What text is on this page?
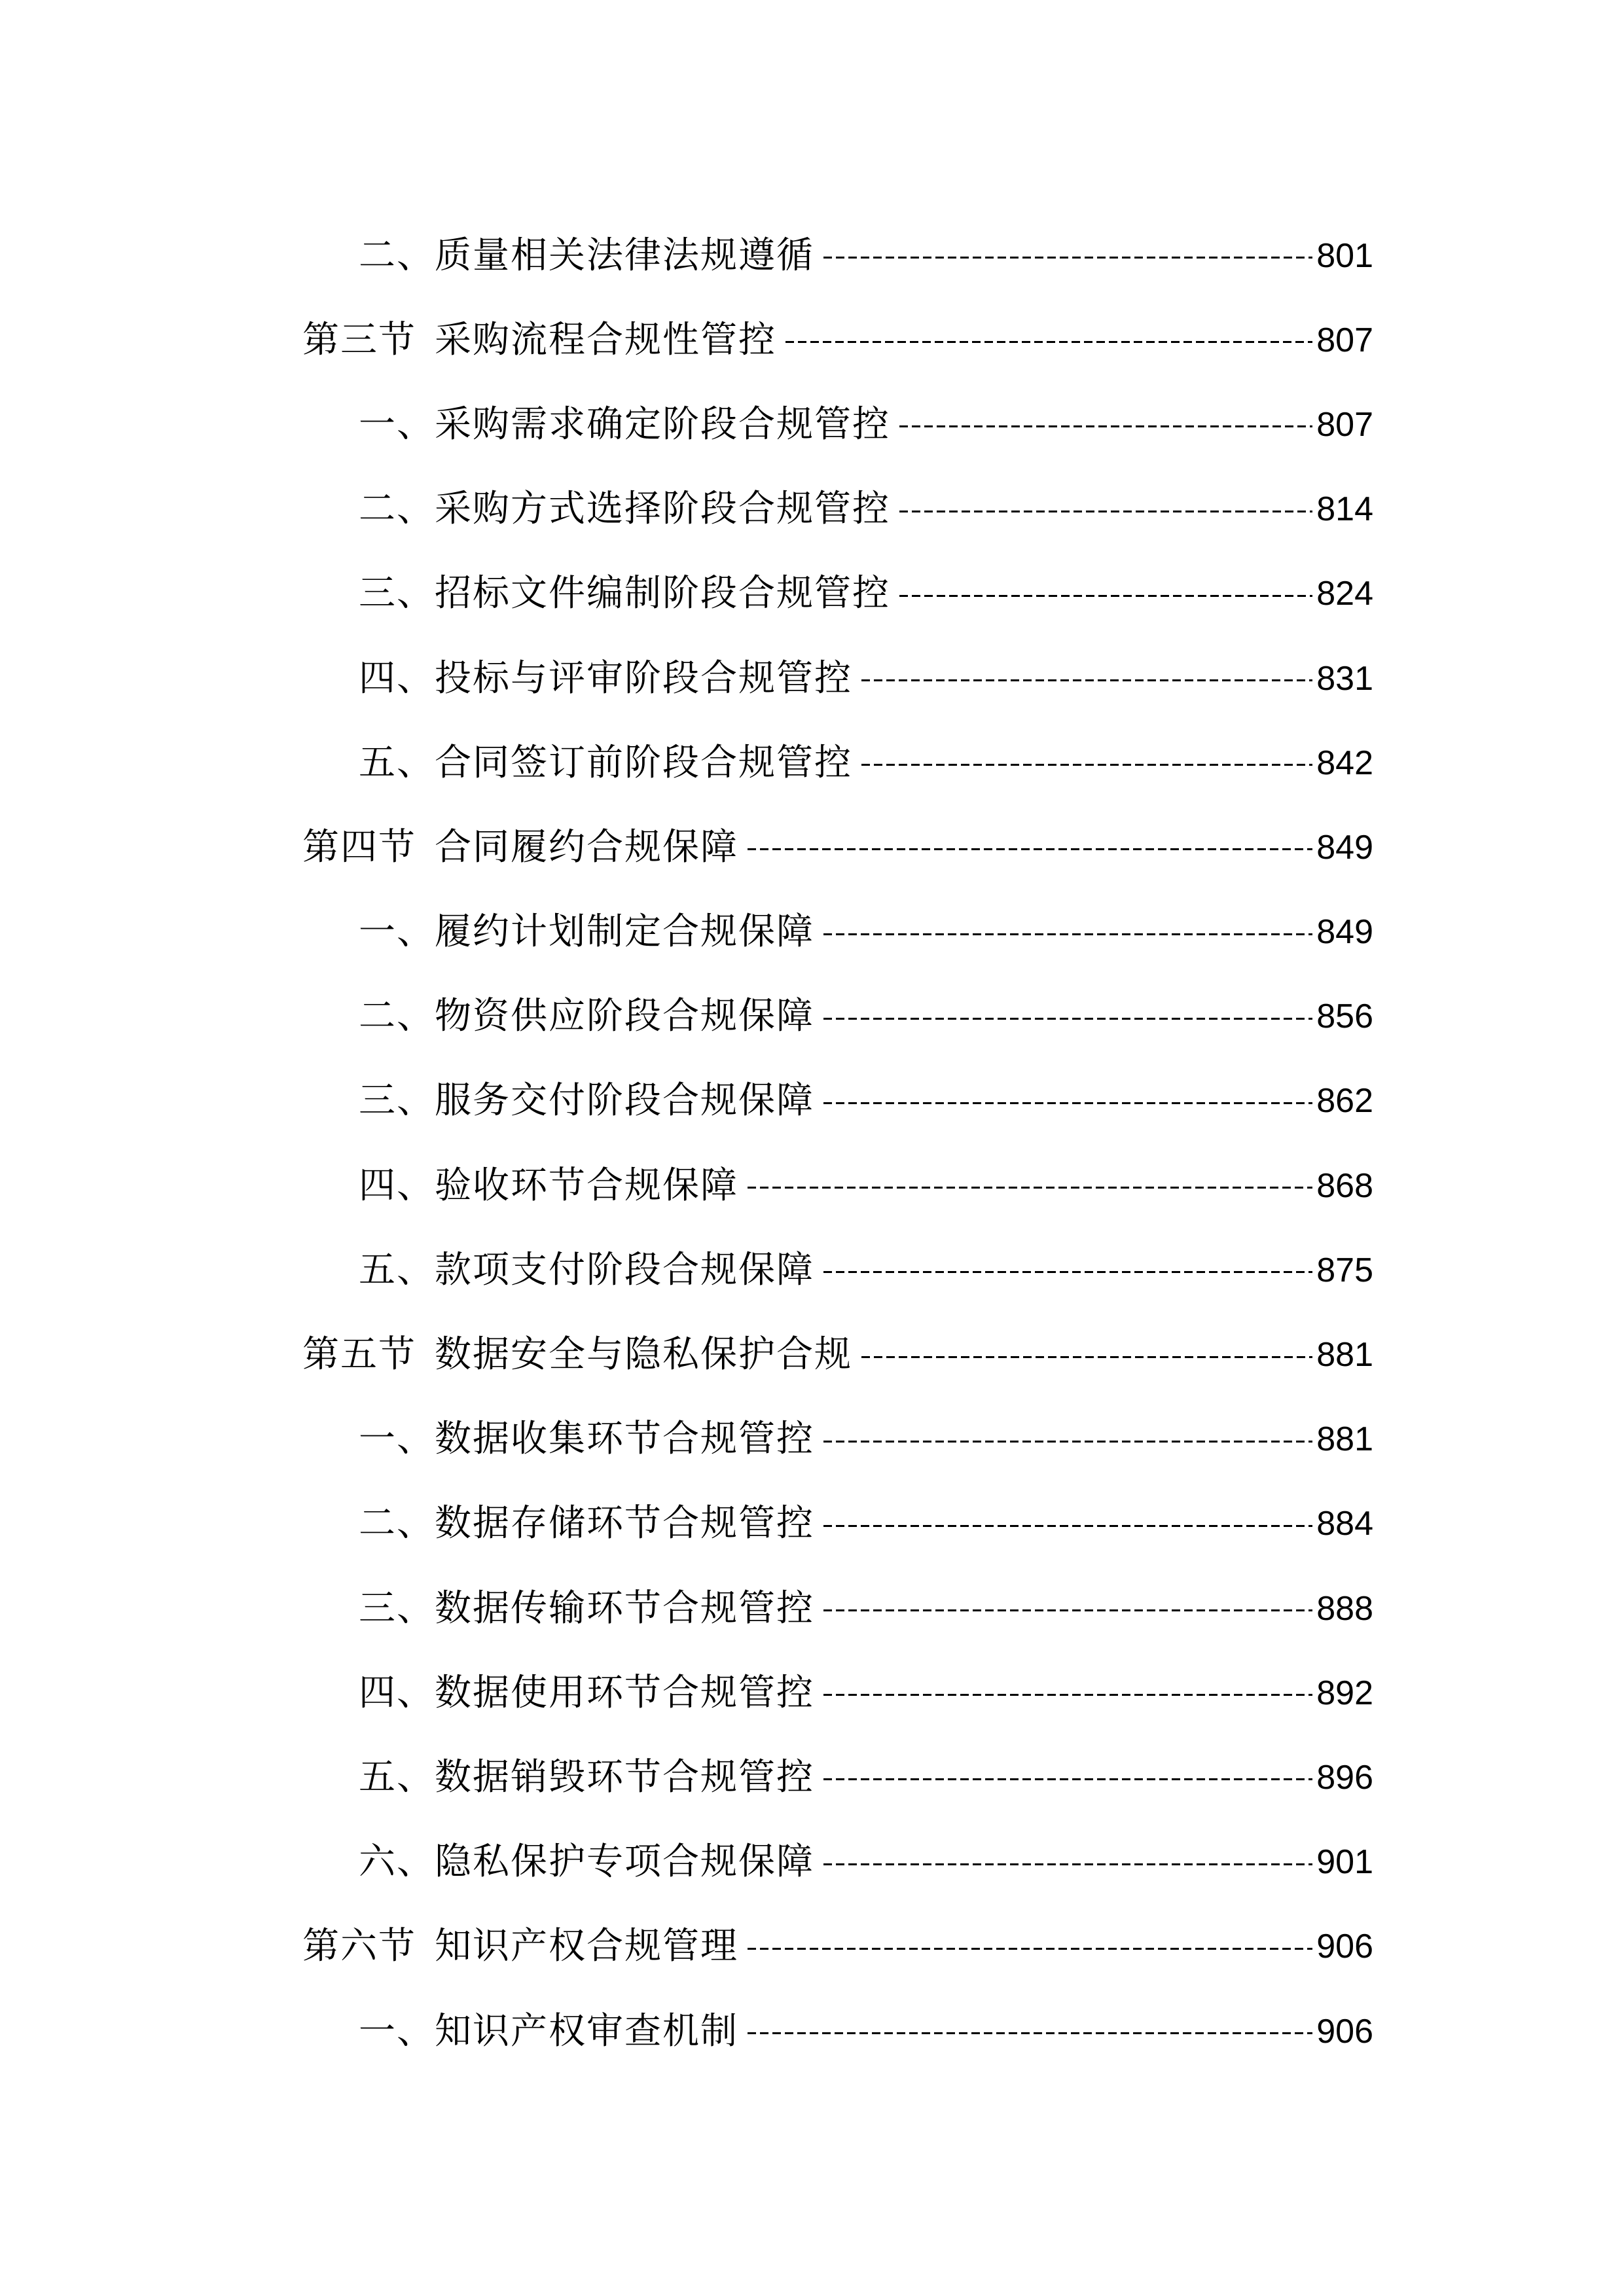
二、质量相关法律法规遵循	801
第三节 采购流程合规性管控	807
一、采购需求确定阶段合规管控	807
二、采购方式选择阶段合规管控	814
三、招标文件编制阶段合规管控	824
四、投标与评审阶段合规管控	831
五、合同签订前阶段合规管控	842
第四节 合同履约合规保障	849
一、履约计划制定合规保障	849
二、物资供应阶段合规保障	856
三、服务交付阶段合规保障	862
四、验收环节合规保障	868
五、款项支付阶段合规保障	875
第五节 数据安全与隐私保护合规	881
一、数据收集环节合规管控	881
二、数据存储环节合规管控	884
三、数据传输环节合规管控	888
四、数据使用环节合规管控	892
五、数据销毁环节合规管控	896
六、隐私保护专项合规保障	901
第六节 知识产权合规管理	906
一、知识产权审查机制	906
